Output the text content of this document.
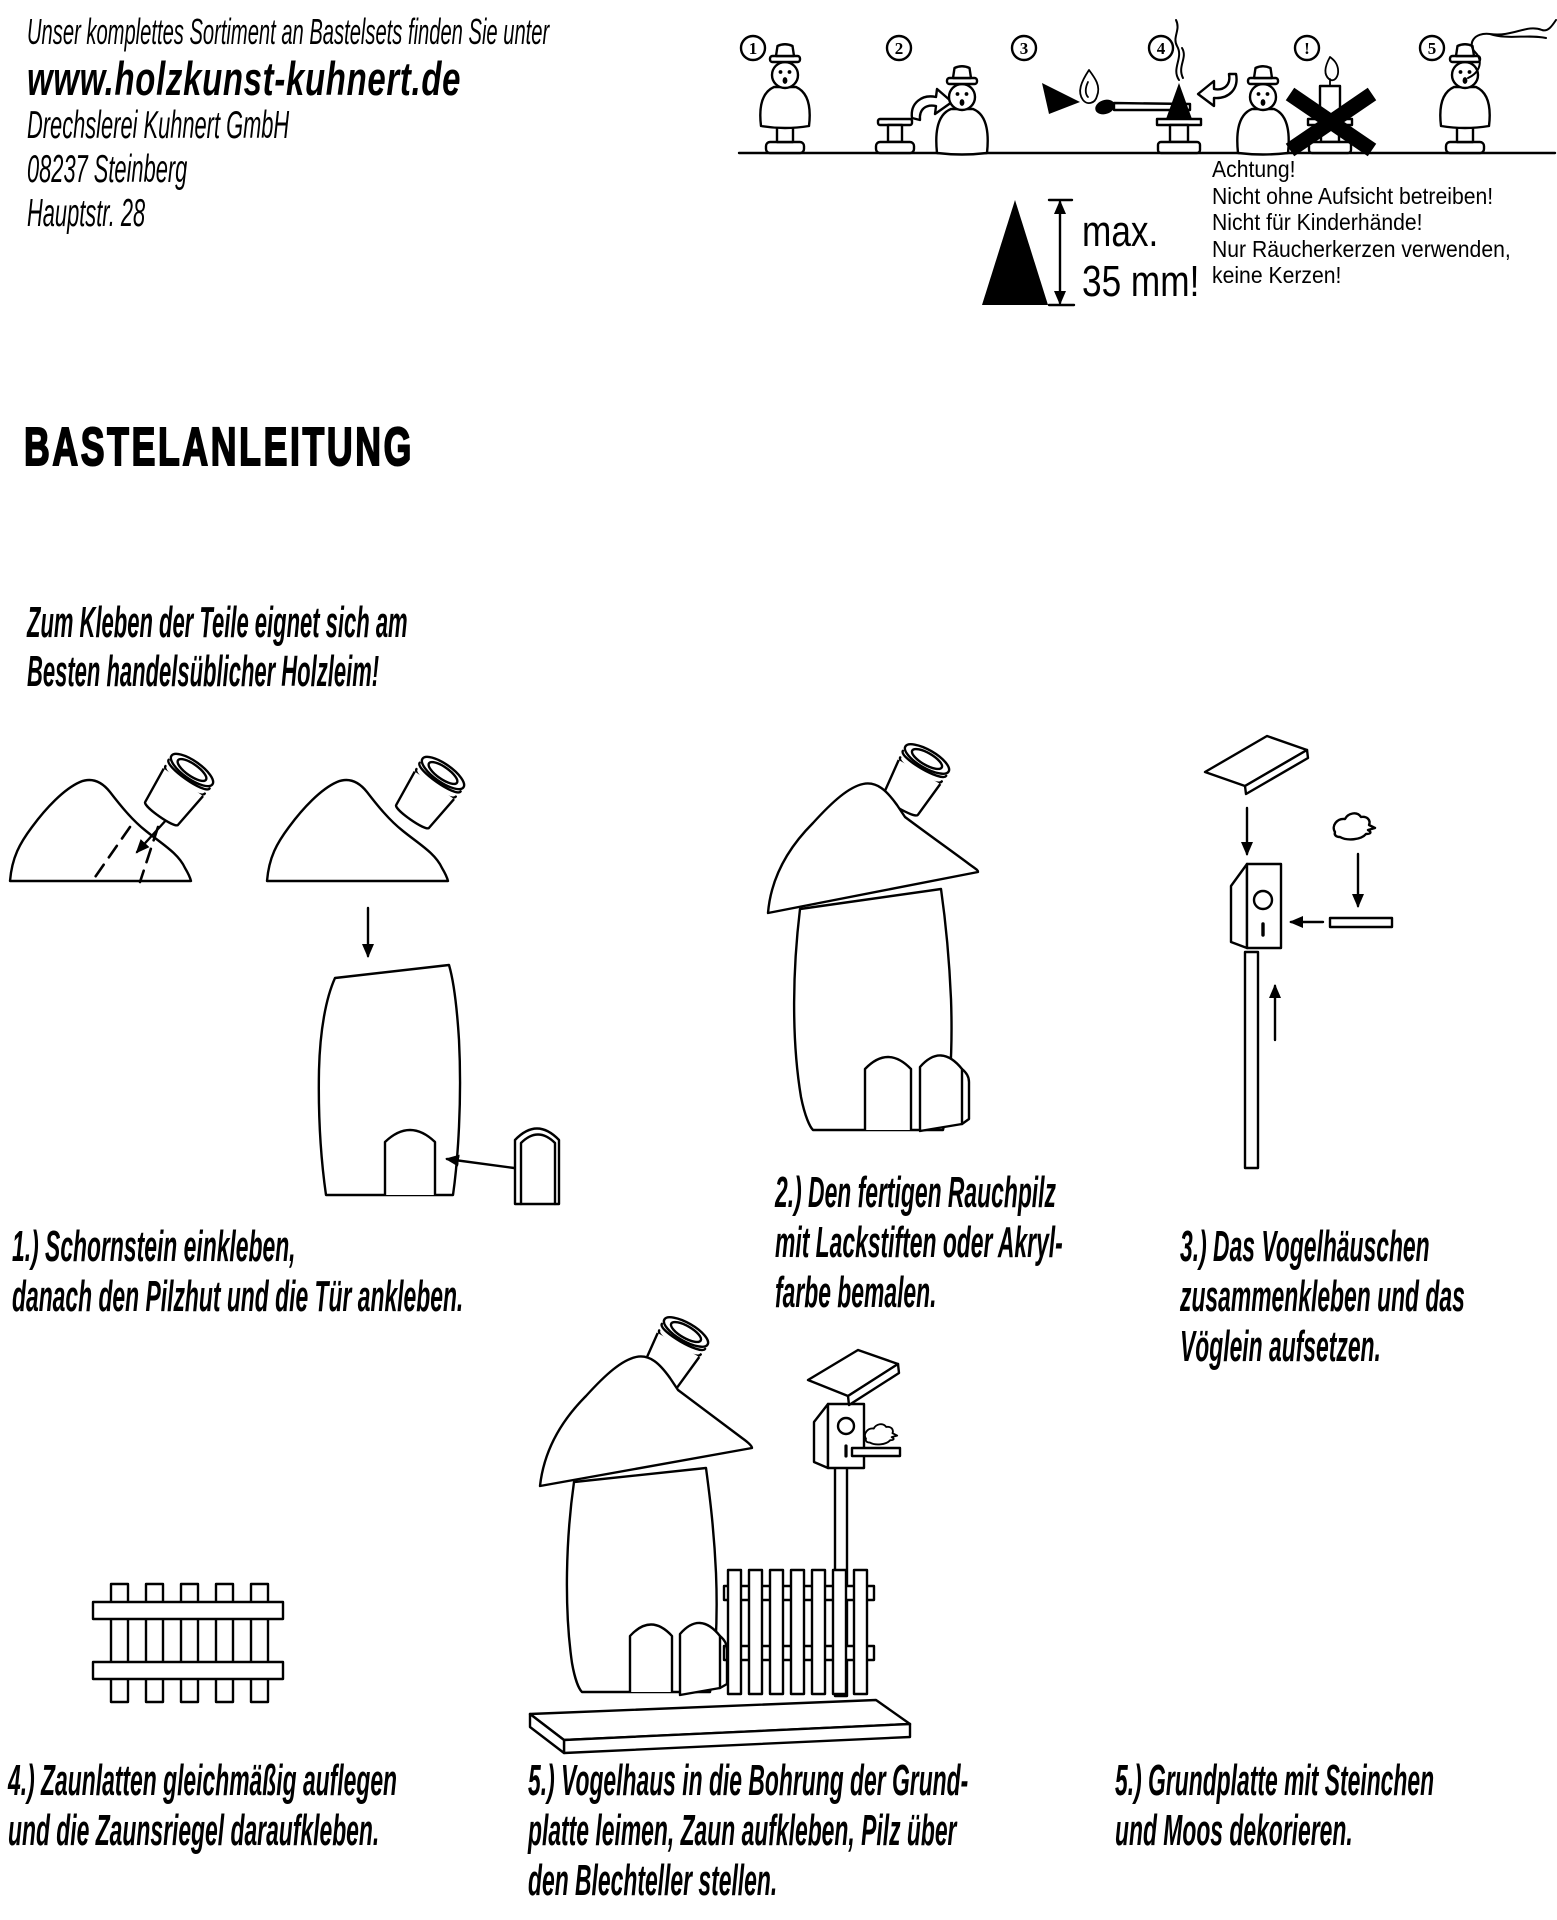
Unser komplettes Sortiment an Bastelsets finden Sie unter
www.holzkunst-kuhnert.de
Drechslerei Kuhnert GmbH
08237 Steinberg
Hauptstr. 28
1	2	3	4	!	5
max.
35 mm!
Achtung!
Nicht ohne Aufsicht betreiben!
Nicht für Kinderhände!
Nur Räucherkerzen verwenden,
keine Kerzen!
BASTELANLEITUNG
Zum Kleben der Teile eignet sich am
Besten handelsüblicher Holzleim!
1.) Schornstein einkleben,
danach den Pilzhut und die Tür ankleben.
2.) Den fertigen Rauchpilz
mit Lackstiften oder Akryl-
farbe bemalen.
3.) Das Vogelhäuschen
zusammenkleben und das
Vöglein aufsetzen.
4.) Zaunlatten gleichmäßig auflegen
und die Zaunsriegel daraufkleben.
5.) Vogelhaus in die Bohrung der Grund-
platte leimen, Zaun aufkleben, Pilz über
den Blechteller stellen.
5.) Grundplatte mit Steinchen
und Moos dekorieren.
